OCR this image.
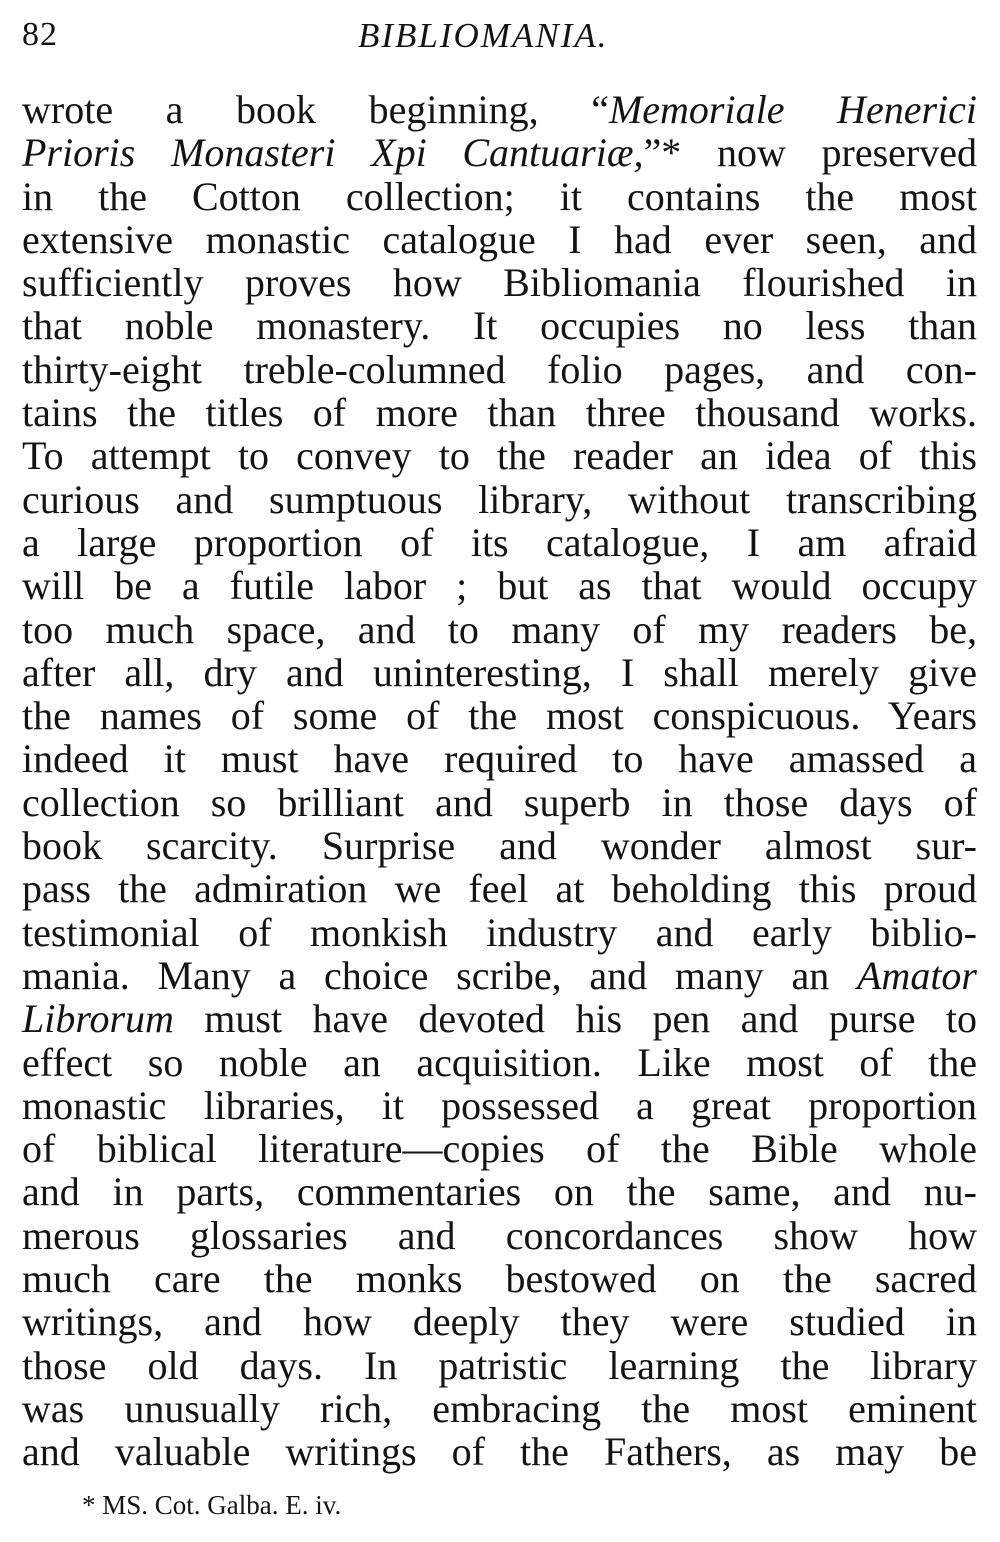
82	BIBLIOMANIA.
wrote a book beginning, “Memoriale Henerici
Prioris Monasteri Xpi Cantuariæ,”* now preserved
in the Cotton collection; it contains the most
extensive monastic catalogue I had ever seen, and
sufficiently proves how Bibliomania flourished in
that noble monastery. It occupies no less than
thirty-eight treble-columned folio pages, and con-
tains the titles of more than three thousand works.
To attempt to convey to the reader an idea of this
curious and sumptuous library, without transcribing
a large proportion of its catalogue, I am afraid
will be a futile labor ; but as that would occupy
too much space, and to many of my readers be,
after all, dry and uninteresting, I shall merely give
the names of some of the most conspicuous. Years
indeed it must have required to have amassed a
collection so brilliant and superb in those days of
book scarcity. Surprise and wonder almost sur-
pass the admiration we feel at beholding this proud
testimonial of monkish industry and early biblio-
mania. Many a choice scribe, and many an Amator
Librorum must have devoted his pen and purse to
effect so noble an acquisition. Like most of the
monastic libraries, it possessed a great proportion
of biblical literature—copies of the Bible whole
and in parts, commentaries on the same, and nu-
merous glossaries and concordances show how
much care the monks bestowed on the sacred
writings, and how deeply they were studied in
those old days. In patristic learning the library
was unusually rich, embracing the most eminent
and valuable writings of the Fathers, as may be
* MS. Cot. Galba. E. iv.
